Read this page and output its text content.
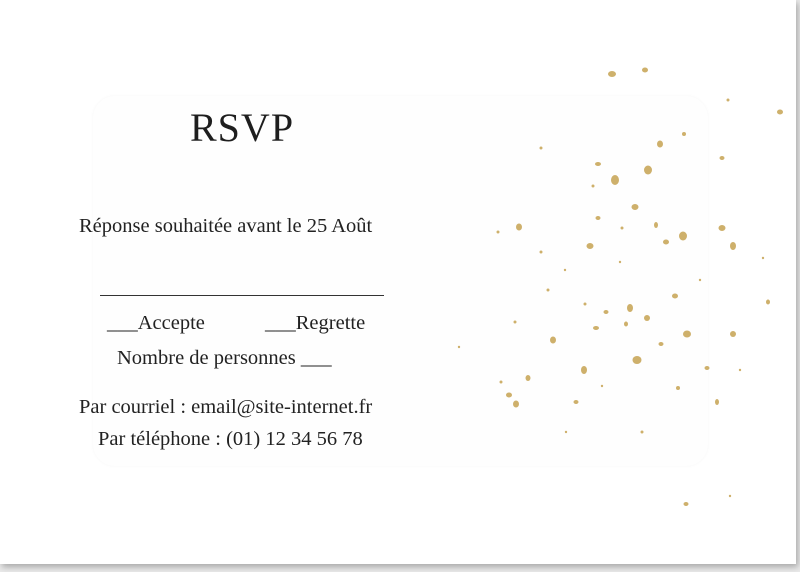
RSVP
Réponse souhaitée avant le 25 Août
___Accepte	___Regrette
Nombre de personnes ___
Par courriel : email@site-internet.fr
Par téléphone : (01) 12 34 56 78
